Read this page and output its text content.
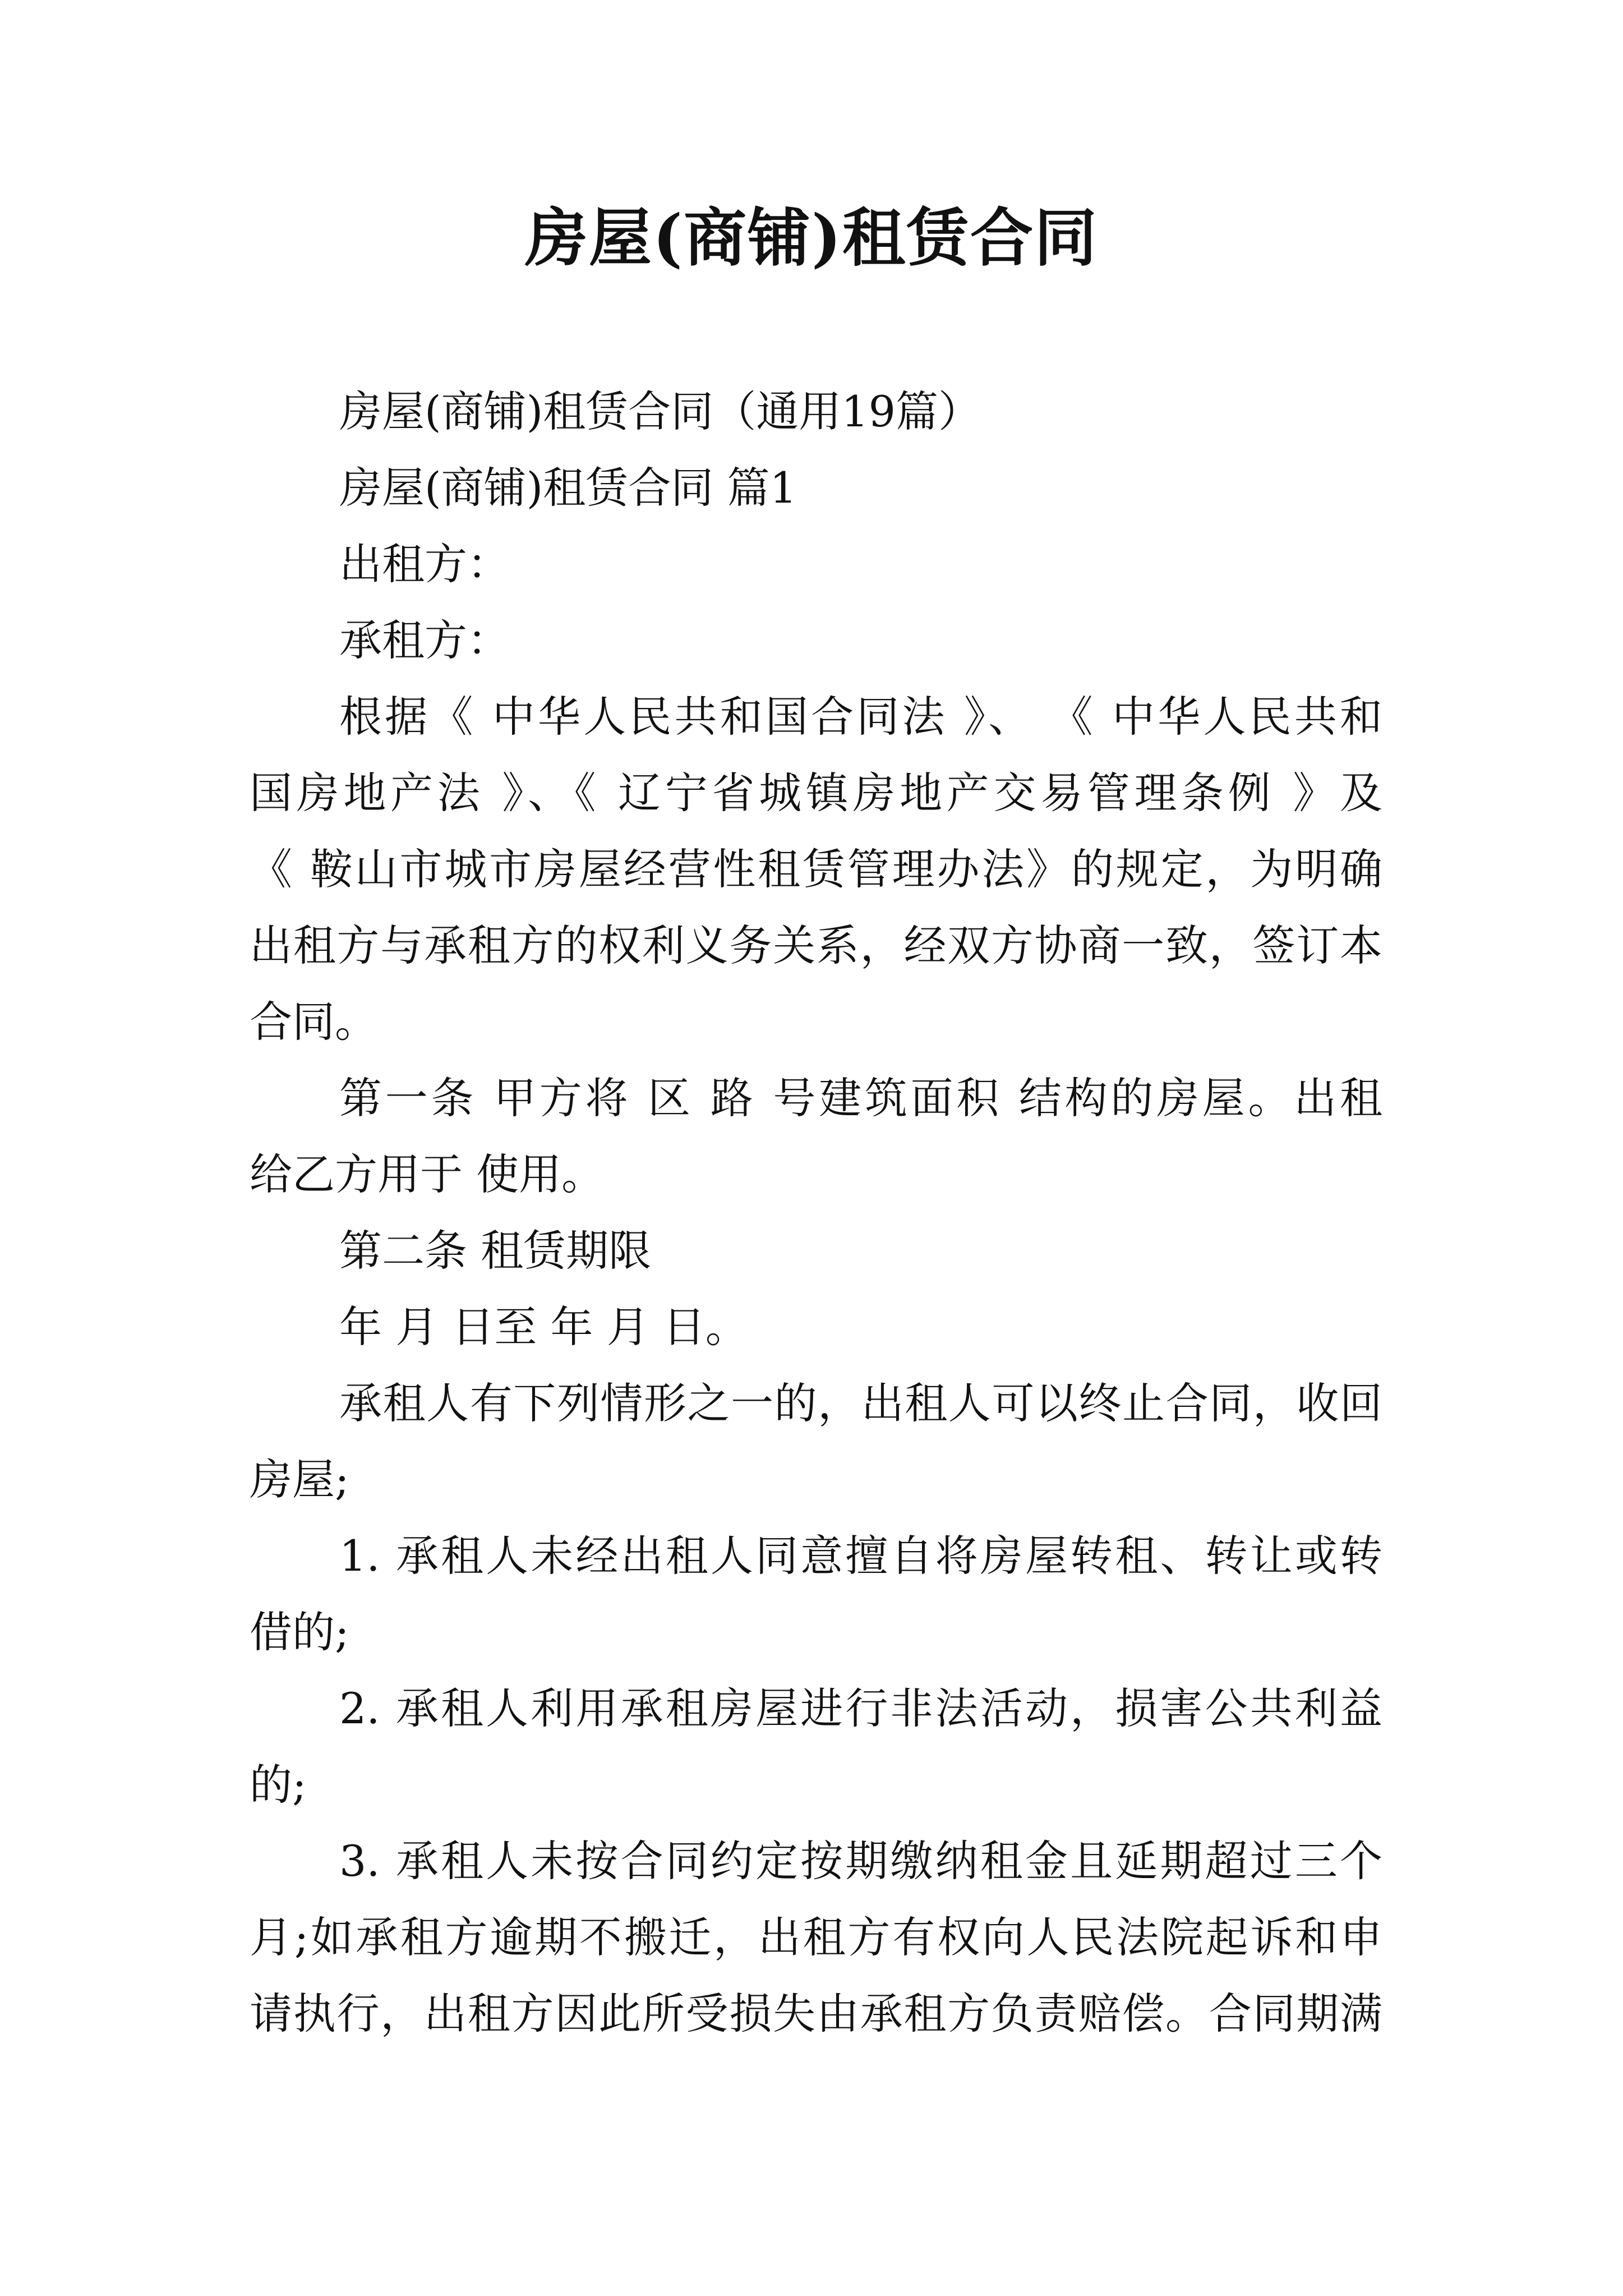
房屋(商铺)租赁合同
房屋(商铺)租赁合同（通用19篇）
房屋(商铺)租赁合同 篇1
出租方：
承租方：
根据《 中华人民共和国合同法 》、 《 中华人民共和
国房地产法 》、《 辽宁省城镇房地产交易管理条例 》及
《 鞍山市城市房屋经营性租赁管理办法》的规定，为明确
出租方与承租方的权利义务关系，经双方协商一致，签订本
合同。
第一条 甲方将 区 路 号建筑面积 结构的房屋。出租
给乙方用于 使用。
第二条 租赁期限
年 月 日至 年 月 日。
承租人有下列情形之一的，出租人可以终止合同，收回
房屋;
1. 承租人未经出租人同意擅自将房屋转租、转让或转
借的;
2. 承租人利用承租房屋进行非法活动，损害公共利益
的;
3. 承租人未按合同约定按期缴纳租金且延期超过三个
月;如承租方逾期不搬迁，出租方有权向人民法院起诉和申
请执行，出租方因此所受损失由承租方负责赔偿。合同期满
